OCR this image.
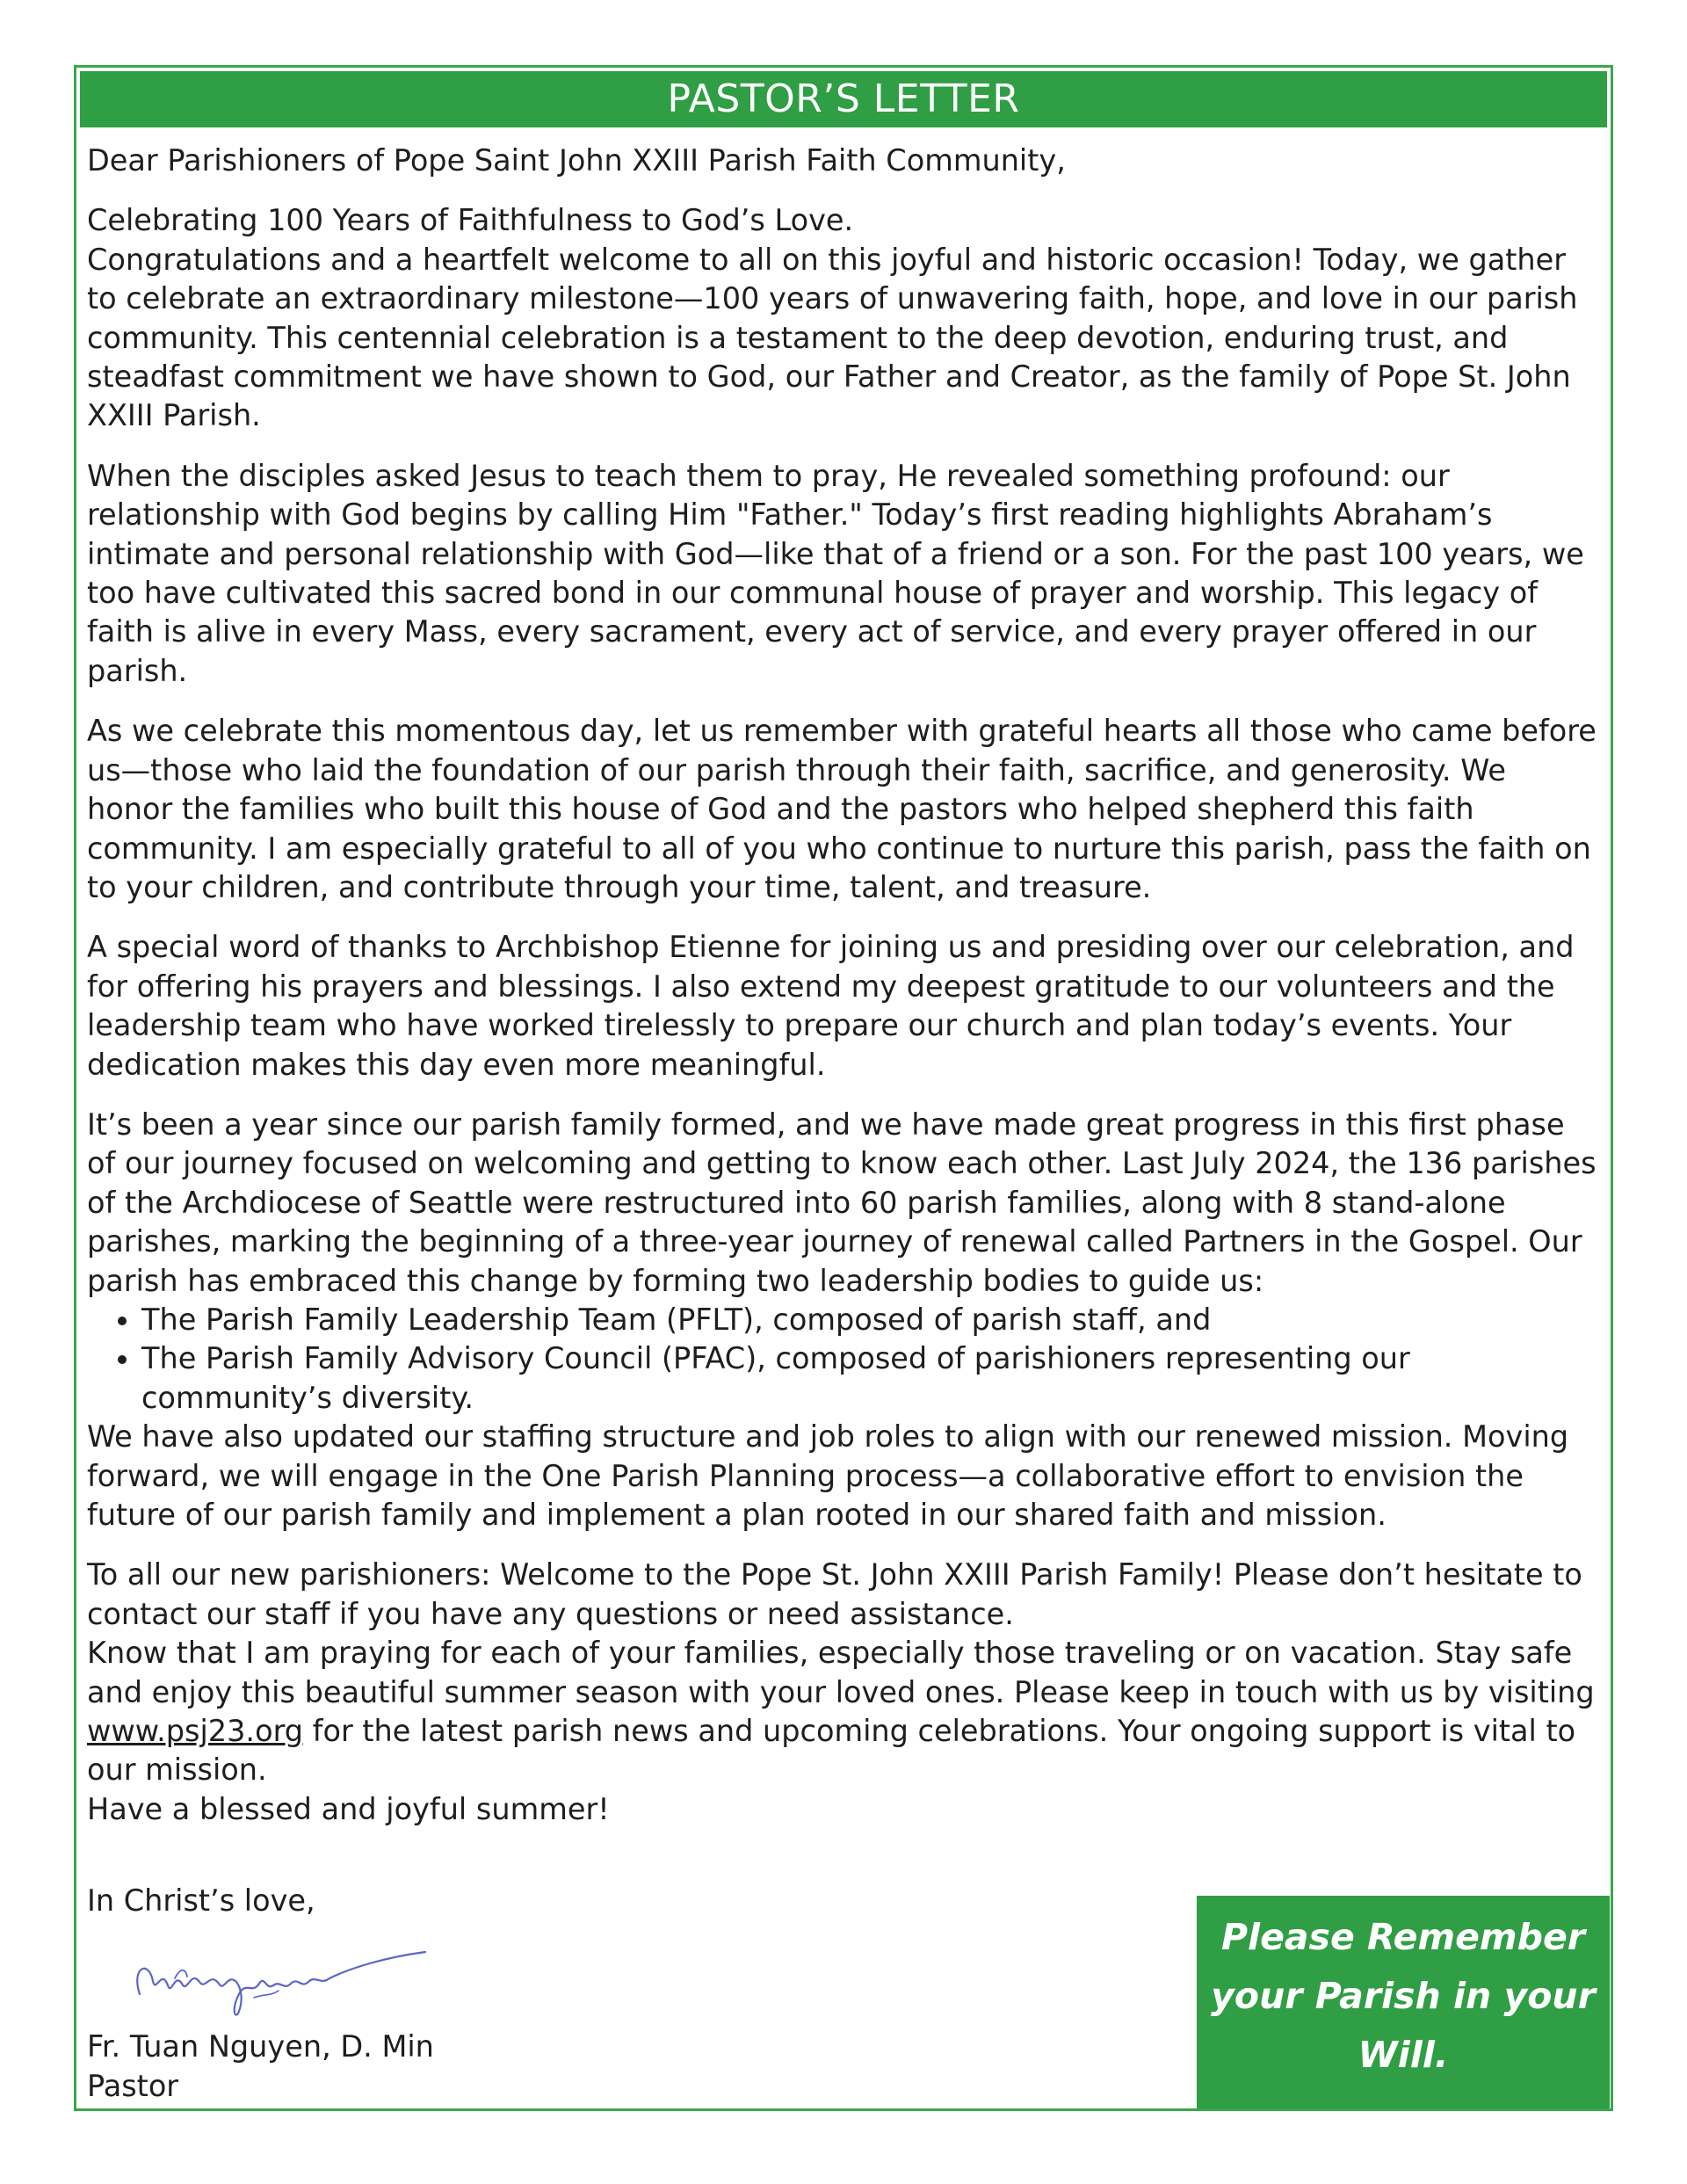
PASTOR’S LETTER

Dear Parishioners of Pope Saint John XXIII Parish Faith Community,

Celebrating 100 Years of Faithfulness to God’s Love.

Congratulations and a heartfelt welcome to all on this joyful and historic occasion! Today, we gather to celebrate an extraordinary milestone—100 years of unwavering faith, hope, and love in our parish community. This centennial celebration is a testament to the deep devotion, enduring trust, and steadfast commitment we have shown to God, our Father and Creator, as the family of Pope St. John XXIII Parish.

When the disciples asked Jesus to teach them to pray, He revealed something profound: our relationship with God begins by calling Him "Father." Today’s first reading highlights Abraham’s intimate and personal relationship with God—like that of a friend or a son. For the past 100 years, we too have cultivated this sacred bond in our communal house of prayer and worship. This legacy of faith is alive in every Mass, every sacrament, every act of service, and every prayer offered in our parish.

As we celebrate this momentous day, let us remember with grateful hearts all those who came before us—those who laid the foundation of our parish through their faith, sacrifice, and generosity. We honor the families who built this house of God and the pastors who helped shepherd this faith community. I am especially grateful to all of you who continue to nurture this parish, pass the faith on to your children, and contribute through your time, talent, and treasure.

A special word of thanks to Archbishop Etienne for joining us and presiding over our celebration, and for offering his prayers and blessings. I also extend my deepest gratitude to our volunteers and the leadership team who have worked tirelessly to prepare our church and plan today’s events. Your dedication makes this day even more meaningful.

It’s been a year since our parish family formed, and we have made great progress in this first phase of our journey focused on welcoming and getting to know each other. Last July 2024, the 136 parishes of the Archdiocese of Seattle were restructured into 60 parish families, along with 8 stand-alone parishes, marking the beginning of a three-year journey of renewal called Partners in the Gospel. Our parish has embraced this change by forming two leadership bodies to guide us:

• The Parish Family Leadership Team (PFLT), composed of parish staff, and
• The Parish Family Advisory Council (PFAC), composed of parishioners representing our community’s diversity.

We have also updated our staffing structure and job roles to align with our renewed mission. Moving forward, we will engage in the One Parish Planning process—a collaborative effort to envision the future of our parish family and implement a plan rooted in our shared faith and mission.

To all our new parishioners: Welcome to the Pope St. John XXIII Parish Family! Please don’t hesitate to contact our staff if you have any questions or need assistance.

Know that I am praying for each of your families, especially those traveling or on vacation. Stay safe and enjoy this beautiful summer season with your loved ones. Please keep in touch with us by visiting www.psj23.org for the latest parish news and upcoming celebrations. Your ongoing support is vital to our mission.

Have a blessed and joyful summer!

In Christ’s love,
Fr. Tuan Nguyen, D. Min
Pastor
Please Remember
your Parish in your
Will.
